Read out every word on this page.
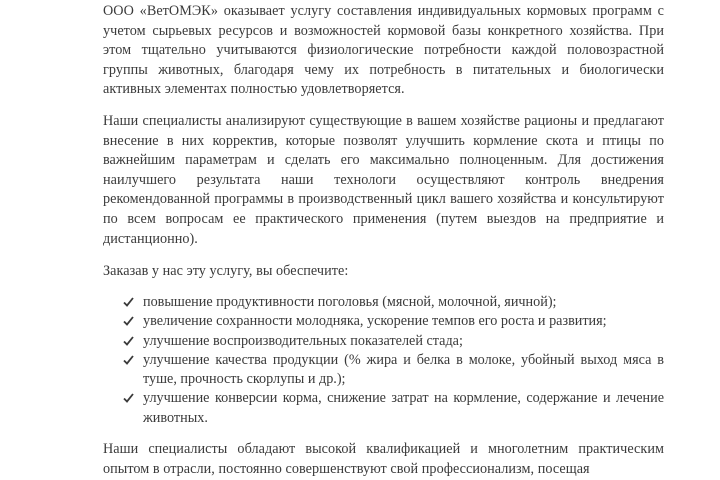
ООО «ВетОМЭК» оказывает услугу составления индивидуальных кормовых программ с учетом сырьевых ресурсов и возможностей кормовой базы конкретного хозяйства. При этом тщательно учитываются физиологические потребности каждой половозрастной группы животных, благодаря чему их потребность в питательных и биологически активных элементах полностью удовлетворяется.

Наши специалисты анализируют существующие в вашем хозяйстве рационы и предлагают внесение в них корректив, которые позволят улучшить кормление скота и птицы по важнейшим параметрам и сделать его максимально полноценным. Для достижения наилучшего результата наши технологи осуществляют контроль внедрения рекомендованной программы в производственный цикл вашего хозяйства и консультируют по всем вопросам ее практического применения (путем выездов на предприятие и дистанционно).

Заказав у нас эту услугу, вы обеспечите:

повышение продуктивности поголовья (мясной, молочной, яичной);
увеличение сохранности молодняка, ускорение темпов его роста и развития;
улучшение воспроизводительных показателей стада;
улучшение качества продукции (% жира и белка в молоке, убойный выход мяса в туше, прочность скорлупы и др.);
улучшение конверсии корма, снижение затрат на кормление, содержание и лечение животных.

Наши специалисты обладают высокой квалификацией и многолетним практическим опытом в отрасли, постоянно совершенствуют свой профессионализм, посещая
